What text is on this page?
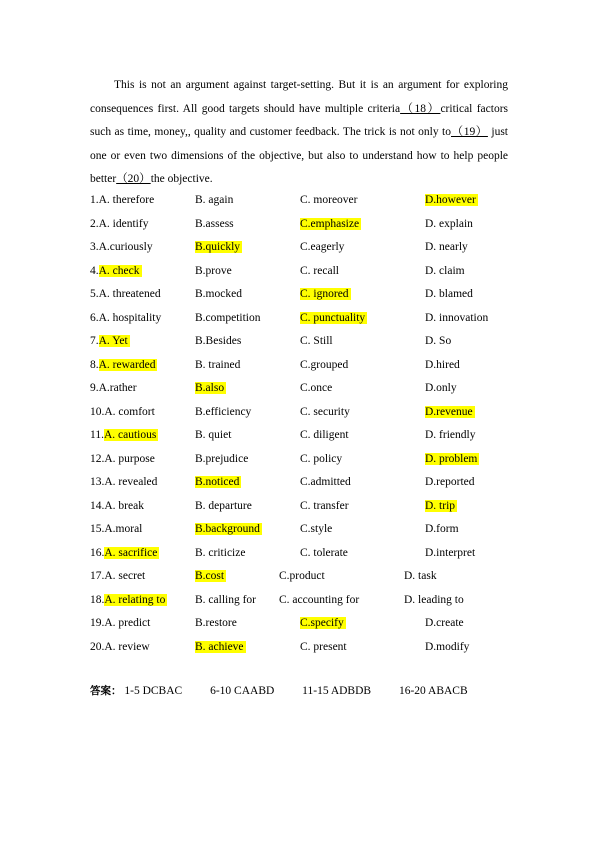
This is not an argument against target-setting. But it is an argument for exploring consequences first. All good targets should have multiple criteria（18）critical factors such as time, money,, quality and customer feedback. The trick is not only to（19） just one or even two dimensions of the objective, but also to understand how to help people better（20）the objective.
1.A. therefore	B. again	C. moreover	D.however
2.A. identify	B.assess	C.emphasize	D. explain
3.A.curiously	B.quickly	C.eagerly	D. nearly
4.A. check	B.prove	C. recall	D. claim
5.A. threatened	B.mocked	C. ignored	D. blamed
6.A. hospitality	B.competition	C. punctuality	D. innovation
7.A. Yet	B.Besides	C. Still	D. So
8.A. rewarded	B. trained	C.grouped	D.hired
9.A.rather	B.also	C.once	D.only
10.A. comfort	B.efficiency	C. security	D.revenue
11.A. cautious	B. quiet	C. diligent	D. friendly
12.A. purpose	B.prejudice	C. policy	D. problem
13.A. revealed	B.noticed	C.admitted	D.reported
14.A. break	B. departure	C. transfer	D. trip
15.A.moral	B.background	C.style	D.form
16.A. sacrifice	B. criticize	C. tolerate	D.interpret
17.A. secret	B.cost	C.product	D. task
18.A. relating to	B. calling for C. accounting for	D. leading to
19.A. predict	B.restore	C.specify	D.create
20.A. review	B. achieve	C. present	D.modify
答案： 1-5 DCBAC 6-10 CAABD 11-15 ADBDB 16-20 ABACB
